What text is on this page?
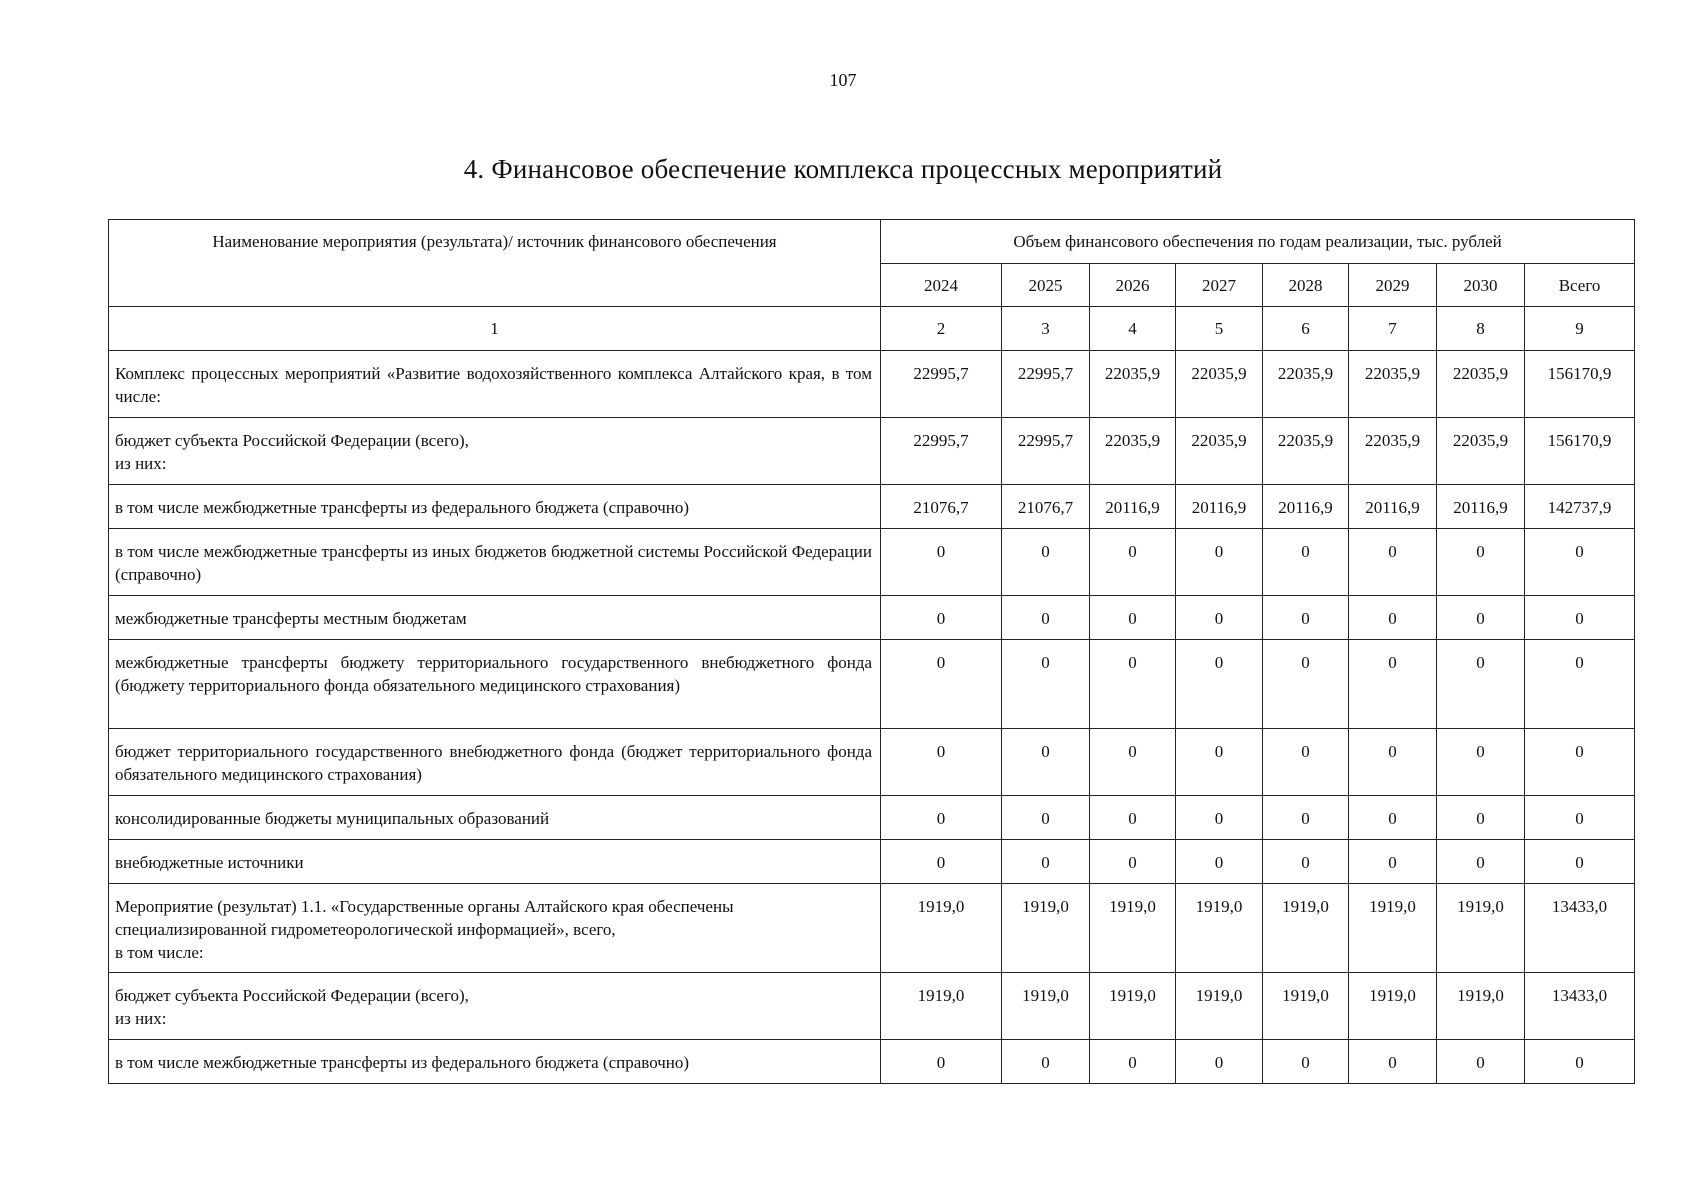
107
4. Финансовое обеспечение комплекса процессных мероприятий
Наименование мероприятия (результата)/ источник финансового обеспечения	Объем финансового обеспечения по годам реализации, тыс. рублей							
	2024	2025	2026	2027	2028	2029	2030	Всего
1	2	3	4	5	6	7	8	9
Комплекс процессных мероприятий «Развитие водохозяйственного комплекса Алтайского края, в том числе:	22995,7	22995,7	22035,9	22035,9	22035,9	22035,9	22035,9	156170,9
бюджет субъекта Российской Федерации (всего),
из них:	22995,7	22995,7	22035,9	22035,9	22035,9	22035,9	22035,9	156170,9
в том числе межбюджетные трансферты из федерального бюджета (справочно)	21076,7	21076,7	20116,9	20116,9	20116,9	20116,9	20116,9	142737,9
в том числе межбюджетные трансферты из иных бюджетов бюджетной системы Российской Федерации (справочно)	0	0	0	0	0	0	0	0
межбюджетные трансферты местным бюджетам	0	0	0	0	0	0	0	0
межбюджетные трансферты бюджету территориального государственного внебюджетного фонда (бюджету территориального фонда обязательного медицинского страхования)	0	0	0	0	0	0	0	0
бюджет территориального государственного внебюджетного фонда (бюджет территориального фонда обязательного медицинского страхования)	0	0	0	0	0	0	0	0
консолидированные бюджеты муниципальных образований	0	0	0	0	0	0	0	0
внебюджетные источники	0	0	0	0	0	0	0	0
Мероприятие (результат) 1.1. «Государственные органы Алтайского края обеспечены специализированной гидрометеорологической информацией», всего,
в том числе:	1919,0	1919,0	1919,0	1919,0	1919,0	1919,0	1919,0	13433,0
бюджет субъекта Российской Федерации (всего),
из них:	1919,0	1919,0	1919,0	1919,0	1919,0	1919,0	1919,0	13433,0
в том числе межбюджетные трансферты из федерального бюджета (справочно)	0	0	0	0	0	0	0	0
